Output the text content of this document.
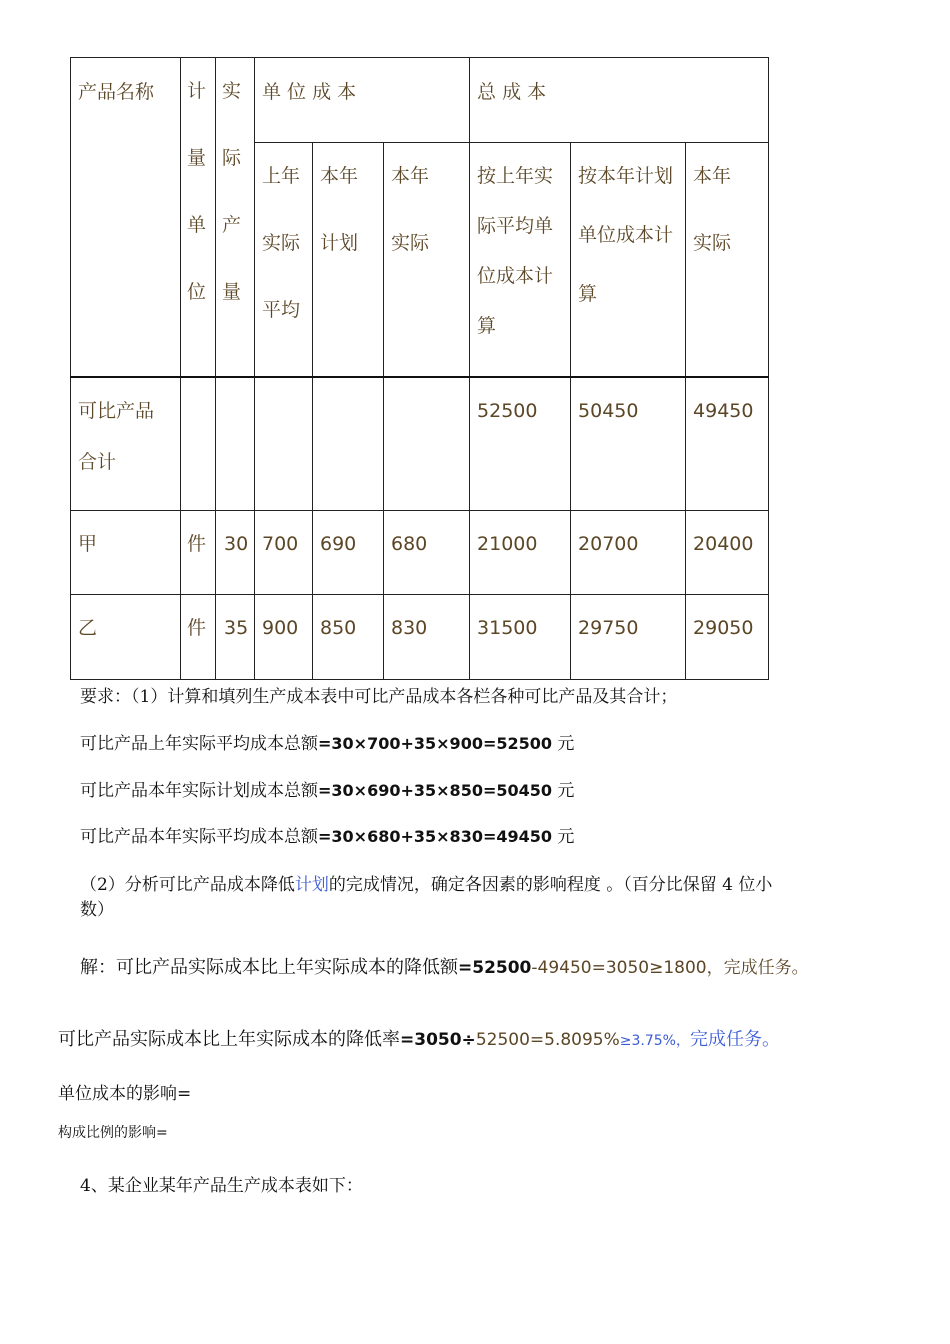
产品名称	计量单位	实际产量	单 位 成 本			总 成 本		

			上年实际平均	本年计划	本年实际	按上年实际平均单位成本计算	按本年计划单位成本计算	本年实际

可比产品合计						52500	50450	49450
甲	件	30	700	690	680	21000	20700	20400
乙	件	35	900	850	830	31500	29750	29050
要求：（1）计算和填列生产成本表中可比产品成本各栏各种可比产品及其合计；
可比产品上年实际平均成本总额=30×700+35×900=52500 元
可比产品本年实际计划成本总额=30×690+35×850=50450 元
可比产品本年实际平均成本总额=30×680+35×830=49450 元
（2）分析可比产品成本降低计划的完成情况，确定各因素的影响程度 。（百分比保留 4 位小
数）
解：可比产品实际成本比上年实际成本的降低额=52500-49450=3050≥1800，完成任务。
可比产品实际成本比上年实际成本的降低率=3050÷52500=5.8095%≥3.75%，完成任务。
单位成本的影响=
构成比例的影响=
4、某企业某年产品生产成本表如下：
